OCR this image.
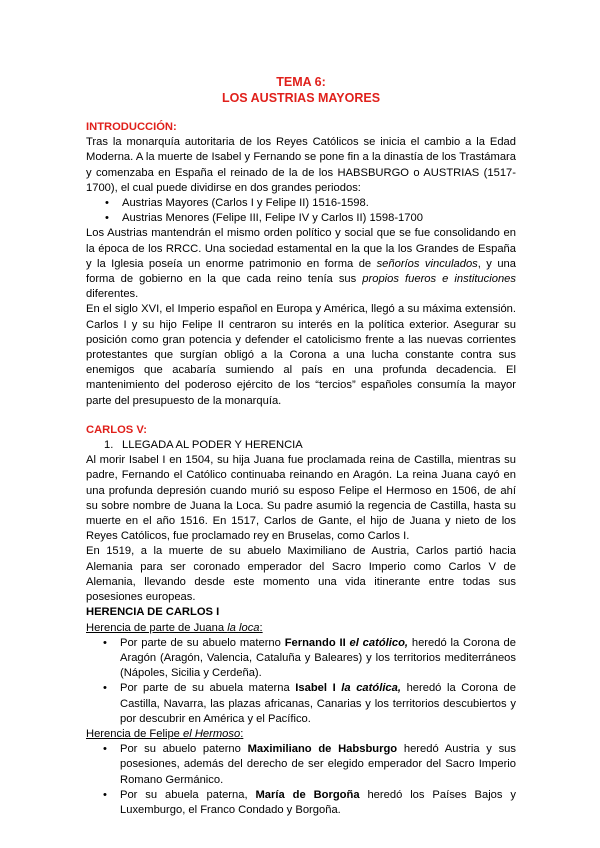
TEMA 6:
LOS AUSTRIAS MAYORES
INTRODUCCIÓN:

Tras la monarquía autoritaria de los Reyes Católicos se inicia el cambio a la Edad Moderna. A la muerte de Isabel y Fernando se pone fin a la dinastía de los Trastámara y comenzaba en España el reinado de la de los HABSBURGO o AUSTRIAS (1517-1700), el cual puede dividirse en dos grandes periodos:

• Austrias Mayores (Carlos I y Felipe II) 1516-1598.
• Austrias Menores (Felipe III, Felipe IV y Carlos II) 1598-1700

Los Austrias mantendrán el mismo orden político y social que se fue consolidando en la época de los RRCC. Una sociedad estamental en la que la los Grandes de España y la Iglesia poseía un enorme patrimonio en forma de señoríos vinculados, y una forma de gobierno en la que cada reino tenía sus propios fueros e instituciones diferentes.

En el siglo XVI, el Imperio español en Europa y América, llegó a su máxima extensión. Carlos I y su hijo Felipe II centraron su interés en la política exterior. Asegurar su posición como gran potencia y defender el catolicismo frente a las nuevas corrientes protestantes que surgían obligó a la Corona a una lucha constante contra sus enemigos que acabaría sumiendo al país en una profunda decadencia. El mantenimiento del poderoso ejército de los “tercios” españoles consumía la mayor parte del presupuesto de la monarquía.

CARLOS V:
1. LLEGADA AL PODER Y HERENCIA

Al morir Isabel I en 1504, su hija Juana fue proclamada reina de Castilla, mientras su padre, Fernando el Católico continuaba reinando en Aragón. La reina Juana cayó en una profunda depresión cuando murió su esposo Felipe el Hermoso en 1506, de ahí su sobre nombre de Juana la Loca. Su padre asumió la regencia de Castilla, hasta su muerte en el año 1516. En 1517, Carlos de Gante, el hijo de Juana y nieto de los Reyes Católicos, fue proclamado rey en Bruselas, como Carlos I.

En 1519, a la muerte de su abuelo Maximiliano de Austria, Carlos partió hacia Alemania para ser coronado emperador del Sacro Imperio como Carlos V de Alemania, llevando desde este momento una vida itinerante entre todas sus posesiones europeas.

HERENCIA DE CARLOS I
Herencia de parte de Juana la loca:
• Por parte de su abuelo materno Fernando II el católico, heredó la Corona de Aragón (Aragón, Valencia, Cataluña y Baleares) y los territorios mediterráneos (Nápoles, Sicilia y Cerdeña).
• Por parte de su abuela materna Isabel I la católica, heredó la Corona de Castilla, Navarra, las plazas africanas, Canarias y los territorios descubiertos y por descubrir en América y el Pacífico.
Herencia de Felipe el Hermoso:
• Por su abuelo paterno Maximiliano de Habsburgo heredó Austria y sus posesiones, además del derecho de ser elegido emperador del Sacro Imperio Romano Germánico.
• Por su abuela paterna, María de Borgoña heredó los Países Bajos y Luxemburgo, el Franco Condado y Borgoña.
